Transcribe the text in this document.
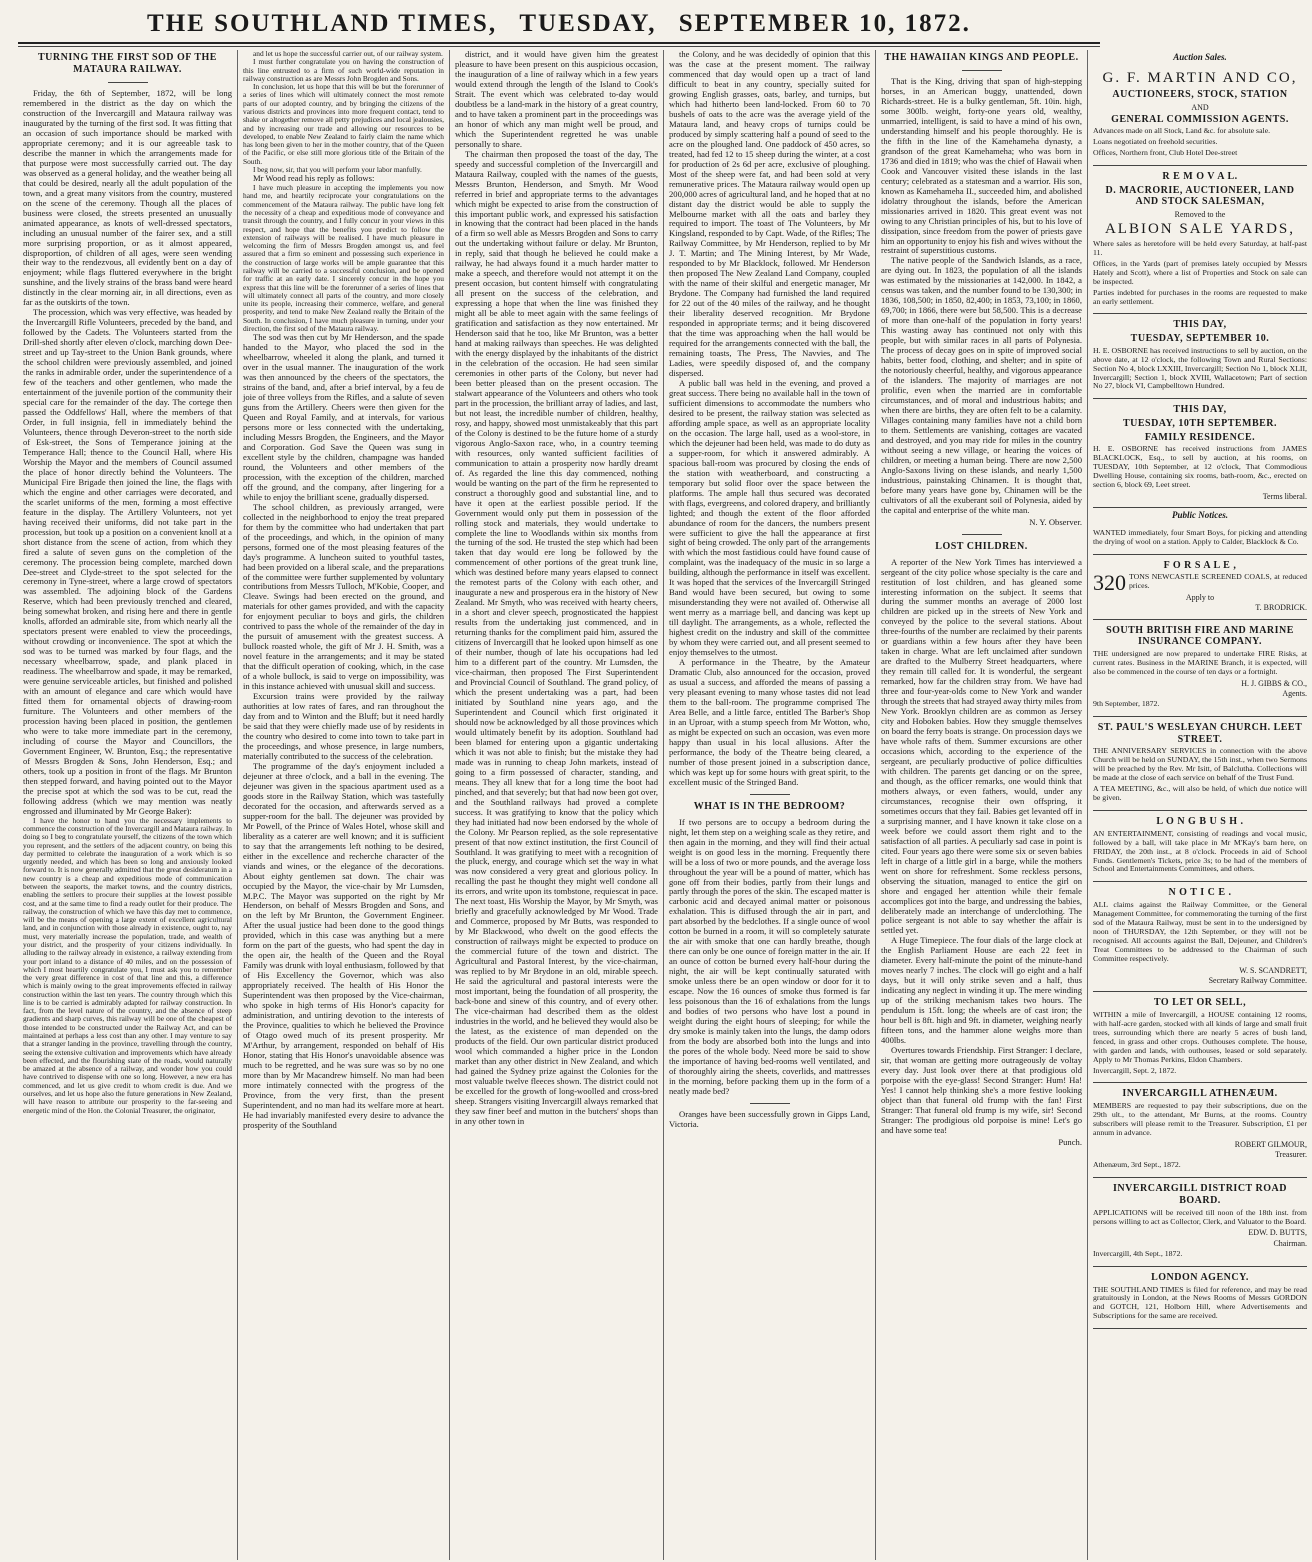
THE SOUTHLAND TIMES, TUESDAY, SEPTEMBER 10, 1872.
TURNING THE FIRST SOD OF THE MATAURA RAILWAY.

Friday, the 6th of September, 1872, will be long remembered in the district as the day on which the construction of the Invercargill and Mataura railway was inaugurated by the turning of the first sod. It was fitting that an occasion of such importance should be marked with appropriate ceremony; and it is our agreeable task to describe the manner in which the arrangements made for that purpose were most successfully carried out. The day was observed as a general holiday, and the weather being all that could be desired, nearly all the adult population of the town, and a great many visitors from the country, mustered on the scene of the ceremony. Though all the places of business were closed, the streets presented an unusually animated appearance, as knots of well-dressed spectators, including an unusual number of the fairer sex, and a still more surprising proportion, or as it almost appeared, disproportion, of children of all ages, were seen wending their way to the rendezvous, all evidently bent on a day of enjoyment; while flags fluttered everywhere in the bright sunshine, and the lively strains of the brass band were heard distinctly in the clear morning air, in all directions, even as far as the outskirts of the town.

The procession, which was very effective, was headed by the Invercargill Rifle Volunteers, preceded by the band, and followed by the Cadets. The Volunteers started from the Drill-shed shortly after eleven o'clock, marching down Dee-street and up Tay-street to the Union Bank grounds, where the school children were previously assembled, and joined the ranks in admirable order, under the superintendence of a few of the teachers and other gentlemen, who made the entertainment of the juvenile portion of the community their special care for the remainder of the day. The cortege then passed the Oddfellows' Hall, where the members of that Order, in full insignia, fell in immediately behind the Volunteers, thence through Deveron-street to the north side of Esk-street, the Sons of Temperance joining at the Temperance Hall; thence to the Council Hall, where His Worship the Mayor and the members of Council assumed the place of honor directly behind the Volunteers. The Municipal Fire Brigade then joined the line, the flags with which the engine and other carriages were decorated, and the scarlet uniforms of the men, forming a most effective feature in the display. The Artillery Volunteers, not yet having received their uniforms, did not take part in the procession, but took up a position on a convenient knoll at a short distance from the scene of action, from which they fired a salute of seven guns on the completion of the ceremony. The procession being complete, marched down Dee-street and Clyde-street to the spot selected for the ceremony in Tyne-street, where a large crowd of spectators was assembled. The adjoining block of the Gardens Reserve, which had been previously trenched and cleared, being somewhat broken, and rising here and there in gentle knolls, afforded an admirable site, from which nearly all the spectators present were enabled to view the proceedings, without crowding or inconvenience. The spot at which the sod was to be turned was marked by four flags, and the necessary wheelbarrow, spade, and plank placed in readiness. The wheelbarrow and spade, it may be remarked, were genuine serviceable articles, but finished and polished with an amount of elegance and care which would have fitted them for ornamental objects of drawing-room furniture. The Volunteers and other members of the procession having been placed in position, the gentlemen who were to take more immediate part in the ceremony, including of course the Mayor and Councillors, the Government Engineer, W. Brunton, Esq.; the representative of Messrs Brogden & Sons, John Henderson, Esq.; and others, took up a position in front of the flags. Mr Brunton then stepped forward, and having pointed out to the Mayor the precise spot at which the sod was to be cut, read the following address (which we may mention was neatly engrossed and illuminated by Mr George Baker):

I have the honor to hand you the necessary implements to commence the construction of the Invercargill and Mataura railway. In doing so I beg to congratulate yourself, the citizens of the town which you represent, and the settlers of the adjacent country, on being this day permitted to celebrate the inauguration of a work which is so urgently needed, and which has been so long and anxiously looked forward to. It is now generally admitted that the great desideratum in a new country is a cheap and expeditious mode of communication between the seaports, the market towns, and the country districts, enabling the settlers to procure their supplies at the lowest possible cost, and at the same time to find a ready outlet for their produce. The railway, the construction of which we have this day met to commence, will be the means of opening a large extent of excellent agricultural land, and in conjunction with those already in existence, ought to, nay must, very materially increase the population, trade, and wealth of your district, and the prosperity of your citizens individually. In alluding to the railway already in existence, a railway extending from your port inland to a distance of 40 miles, and on the possession of which I most heartily congratulate you, I must ask you to remember the very great difference in cost of that line and this, a difference which is mainly owing to the great improvements effected in railway construction within the last ten years. The country through which this line is to be carried is admirably adapted for railway construction. In fact, from the level nature of the country, and the absence of steep gradients and sharp curves, this railway will be one of the cheapest of those intended to be constructed under the Railway Act, and can be maintained at perhaps a less cost than any other. I may venture to say that a stranger landing in the province, travelling through the country, seeing the extensive cultivation and improvements which have already been effected, and the flourishing state of the roads, would naturally be amazed at the absence of a railway, and wonder how you could have contrived to dispense with one so long. However, a new era has commenced, and let us give credit to whom credit is due. And we ourselves, and let us hope also the future generations in New Zealand, will have reason to attribute our prosperity to the far-seeing and energetic mind of the Hon. the Colonial Treasurer, the originator,

and let us hope the successful carrier out, of our railway system.

I must further congratulate you on having the construction of this line entrusted to a firm of such world-wide reputation in railway construction as are Messrs John Brogden and Sons.

In conclusion, let us hope that this will be but the forerunner of a series of lines which will ultimately connect the most remote parts of our adopted country, and by bringing the citizens of the various districts and provinces into more frequent contact, tend to shake or altogether remove all petty prejudices and local jealousies, and by increasing our trade and allowing our resources to be developed, to enable New Zealand to fairly claim the name which has long been given to her in the mother country, that of the Queen of the Pacific, or else still more glorious title of the Britain of the South.

I beg now, sir, that you will perform your labor manfully.

Mr Wood read his reply as follows:

I have much pleasure in accepting the implements you now hand me, and heartily reciprocate your congratulations on the commencement of the Mataura railway. The public have long felt the necessity of a cheap and expeditious mode of conveyance and transit through the country, and I fully concur in your views in this respect, and hope that the benefits you predict to follow the extension of railways will be realised. I have much pleasure in welcoming the firm of Messrs Brogden amongst us, and feel assured that a firm so eminent and possessing such experience in the construction of large works will be ample guarantee that this railway will be carried to a successful conclusion, and be opened for traffic at an early date. I sincerely concur in the hope you express that this line will be the forerunner of a series of lines that will ultimately connect all parts of the country, and more closely unite its people, increasing their commerce, welfare, and general prosperity, and tend to make New Zealand really the Britain of the South. In conclusion, I have much pleasure in turning, under your direction, the first sod of the Mataura railway.

The sod was then cut by Mr Henderson, and the spade handed to the Mayor, who placed the sod in the wheelbarrow, wheeled it along the plank, and turned it over in the usual manner. The inauguration of the work was then announced by the cheers of the spectators, the strains of the band, and, after a brief interval, by a feu de joie of three volleys from the Rifles, and a salute of seven guns from the Artillery. Cheers were then given for the Queen and Royal Family, and at intervals, for various persons more or less connected with the undertaking, including Messrs Brogden, the Engineers, and the Mayor and Corporation. God Save the Queen was sung in excellent style by the children, champagne was handed round, the Volunteers and other members of the procession, with the exception of the children, marched off the ground, and the company, after lingering for a while to enjoy the brilliant scene, gradually dispersed.

The school children, as previously arranged, were collected in the neighborhood to enjoy the treat prepared for them by the committee who had undertaken that part of the proceedings, and which, in the opinion of many persons, formed one of the most pleasing features of the day's programme. A luncheon suited to youthful tastes, had been provided on a liberal scale, and the preparations of the committee were further supplemented by voluntary contributions from Messrs Tulloch, M'Kobie, Cooper, and Cleave. Swings had been erected on the ground, and materials for other games provided, and with the capacity for enjoyment peculiar to boys and girls, the children contrived to pass the whole of the remainder of the day in the pursuit of amusement with the greatest success. A bullock roasted whole, the gift of Mr J. H. Smith, was a novel feature in the arrangements; and it may be stated that the difficult operation of cooking, which, in the case of a whole bullock, is said to verge on impossibility, was in this instance achieved with unusual skill and success.

Excursion trains were provided by the railway authorities at low rates of fares, and ran throughout the day from and to Winton and the Bluff; but it need hardly be said that they were chiefly made use of by residents in the country who desired to come into town to take part in the proceedings, and whose presence, in large numbers, materially contributed to the success of the celebration.

The programme of the day's enjoyment included a dejeuner at three o'clock, and a ball in the evening. The dejeuner was given in the spacious apartment used as a goods store in the Railway Station, which was tastefully decorated for the occasion, and afterwards served as a supper-room for the ball. The dejeuner was provided by Mr Powell, of the Prince of Wales Hotel, whose skill and liberality as a caterer are well known; and it is sufficient to say that the arrangements left nothing to be desired, either in the excellence and recherche character of the viands and wines, or the elegance of the decorations. About eighty gentlemen sat down. The chair was occupied by the Mayor, the vice-chair by Mr Lumsden, M.P.C. The Mayor was supported on the right by Mr Henderson, on behalf of Messrs Brogden and Sons, and on the left by Mr Brunton, the Government Engineer. After the usual justice had been done to the good things provided, which in this case was anything but a mere form on the part of the guests, who had spent the day in the open air, the health of the Queen and the Royal Family was drunk with loyal enthusiasm, followed by that of His Excellency the Governor, which was also appropriately received. The health of His Honor the Superintendent was then proposed by the Vice-chairman, who spoke in high terms of His Honor's capacity for administration, and untiring devotion to the interests of the Province, qualities to which he believed the Province of Otago owed much of its present prosperity. Mr M'Arthur, by arrangement, responded on behalf of His Honor, stating that His Honor's unavoidable absence was much to be regretted, and he was sure was so by no one more than by Mr Macandrew himself. No man had been more intimately connected with the progress of the Province, from the very first, than the present Superintendent, and no man had its welfare more at heart. He had invariably manifested every desire to advance the prosperity of the Southland

district, and it would have given him the greatest pleasure to have been present on this auspicious occasion, the inauguration of a line of railway which in a few years would extend through the length of the Island to Cook's Strait. The event which was celebrated to-day would doubtless be a land-mark in the history of a great country, and to have taken a prominent part in the proceedings was an honor of which any man might well be proud, and which the Superintendent regretted he was unable personally to share.

The chairman then proposed the toast of the day, The speedy and successful completion of the Invercargill and Mataura Railway, coupled with the names of the guests, Messrs Brunton, Henderson, and Smyth. Mr Wood referred in brief and appropriate terms to the advantages which might be expected to arise from the construction of this important public work, and expressed his satisfaction in knowing that the contract had been placed in the hands of a firm so well able as Messrs Brogden and Sons to carry out the undertaking without failure or delay. Mr Brunton, in reply, said that though he believed he could make a railway, he had always found it a much harder matter to make a speech, and therefore would not attempt it on the present occasion, but content himself with congratulating all present on the success of the celebration, and expressing a hope that when the line was finished they might all be able to meet again with the same feelings of gratification and satisfaction as they now entertained. Mr Henderson said that he too, like Mr Brunton, was a better hand at making railways than speeches. He was delighted with the energy displayed by the inhabitants of the district in the celebration of the occasion. He had seen similar ceremonies in other parts of the Colony, but never had been better pleased than on the present occasion. The stalwart appearance of the Volunteers and others who took part in the procession, the brilliant array of ladies, and last, but not least, the incredible number of children, healthy, rosy, and happy, showed most unmistakeably that this part of the Colony is destined to be the future home of a sturdy vigorous Anglo-Saxon race, who, in a country teeming with resources, only wanted sufficient facilities of communication to attain a prosperity now hardly dreamt of. As regarded the line this day commenced, nothing would be wanting on the part of the firm he represented to construct a thoroughly good and substantial line, and to have it open at the earliest possible period. If the Government would only put them in possession of the rolling stock and materials, they would undertake to complete the line to Woodlands within six months from the turning of the sod. He trusted the step which had been taken that day would ere long be followed by the commencement of other portions of the great trunk line, which was destined before many years elapsed to connect the remotest parts of the Colony with each other, and inaugurate a new and prosperous era in the history of New Zealand. Mr Smyth, who was received with hearty cheers, in a short and clever speech, prognosticated the happiest results from the undertaking just commenced, and in returning thanks for the compliment paid him, assured the citizens of Invercargill that he looked upon himself as one of their number, though of late his occupations had led him to a different part of the country. Mr Lumsden, the vice-chairman, then proposed The First Superintendent and Provincial Council of Southland. The grand policy, of which the present undertaking was a part, had been initiated by Southland nine years ago, and the Superintendent and Council which first originated it should now be acknowledged by all those provinces which would ultimately benefit by its adoption. Southland had been blamed for entering upon a gigantic undertaking which it was not able to finish; but the mistake they had made was in running to cheap John markets, instead of going to a firm possessed of character, standing, and means. They all knew that for a long time the boot had pinched, and that severely; but that had now been got over, and the Southland railways had proved a complete success. It was gratifying to know that the policy which they had initiated had now been endorsed by the whole of the Colony. Mr Pearson replied, as the sole representative present of that now extinct institution, the first Council of Southland. It was gratifying to meet with a recognition of the pluck, energy, and courage which set the way in what was now considered a very great and glorious policy. In recalling the past he thought they might well condone all its errors, and write upon its tombstone, requiescat in pace. The next toast, His Worship the Mayor, by Mr Smyth, was briefly and gracefully acknowledged by Mr Wood. Trade and Commerce, proposed by Mr Butts, was responded to by Mr Blackwood, who dwelt on the good effects the construction of railways might be expected to produce on the commercial future of the town and district. The Agricultural and Pastoral Interest, by the vice-chairman, was replied to by Mr Brydone in an old, mirable speech. He said the agricultural and pastoral interests were the most important, being the foundation of all prosperity, the back-bone and sinew of this country, and of every other. The vice-chairman had described them as the oldest industries in the world, and he believed they would also be the latest, as the existence of man depended on the products of the field. Our own particular district produced wool which commanded a higher price in the London market than any other district in New Zealand, and which had gained the Sydney prize against the Colonies for the most valuable twelve fleeces shown. The district could not be excelled for the growth of long-woolled and cross-bred sheep. Strangers visiting Invercargill always remarked that they saw finer beef and mutton in the butchers' shops than in any other town in

the Colony, and he was decidedly of opinion that this was the case at the present moment. The railway commenced that day would open up a tract of land difficult to beat in any country, specially suited for growing English grasses, oats, barley, and turnips, but which had hitherto been land-locked. From 60 to 70 bushels of oats to the acre was the average yield of the Mataura land, and heavy crops of turnips could be produced by simply scattering half a pound of seed to the acre on the ploughed land. One paddock of 450 acres, so treated, had fed 12 to 15 sheep during the winter, at a cost for production of 2s 6d per acre, exclusive of ploughing. Most of the sheep were fat, and had been sold at very remunerative prices. The Mataura railway would open up 200,000 acres of agricultural land, and he hoped that at no distant day the district would be able to supply the Melbourne market with all the oats and barley they required to import. The toast of The Volunteers, by Mr Kingsland, responded to by Capt. Wade, of the Rifles; The Railway Committee, by Mr Henderson, replied to by Mr J. T. Martin; and The Mining Interest, by Mr Wade, responded to by Mr Blacklock, followed. Mr Henderson then proposed The New Zealand Land Company, coupled with the name of their skilful and energetic manager, Mr Brydone. The Company had furnished the land required for 22 out of the 40 miles of the railway, and he thought their liberality deserved recognition. Mr Brydone responded in appropriate terms; and it being discovered that the time was approaching when the hall would be required for the arrangements connected with the ball, the remaining toasts, The Press, The Navvies, and The Ladies, were speedily disposed of, and the company dispersed.

A public ball was held in the evening, and proved a great success. There being no available hall in the town of sufficient dimensions to accommodate the numbers who desired to be present, the railway station was selected as affording ample space, as well as an appropriate locality on the occasion. The large hall, used as a wool-store, in which the dejeuner had been held, was made to do duty as a supper-room, for which it answered admirably. A spacious ball-room was procured by closing the ends of the station with weatherboard, and constructing a temporary but solid floor over the space between the platforms. The ample hall thus secured was decorated with flags, evergreens, and colored drapery, and brilliantly lighted; and though the extent of the floor afforded abundance of room for the dancers, the numbers present were sufficient to give the hall the appearance at first sight of being crowded. The only part of the arrangements with which the most fastidious could have found cause of complaint, was the inadequacy of the music in so large a building, although the performance in itself was excellent. It was hoped that the services of the Invercargill Stringed Band would have been secured, but owing to some misunderstanding they were not availed of. Otherwise all went merry as a marriage bell, and dancing was kept up till daylight. The arrangements, as a whole, reflected the highest credit on the industry and skill of the committee by whom they were carried out, and all present seemed to enjoy themselves to the utmost.

A performance in the Theatre, by the Amateur Dramatic Club, also announced for the occasion, proved as usual a success, and afforded the means of passing a very pleasant evening to many whose tastes did not lead them to the ball-room. The programme comprised The Area Belle, and a little farce, entitled The Barber's Shop in an Uproar, with a stump speech from Mr Wotton, who, as might be expected on such an occasion, was even more happy than usual in his local allusions. After the performance, the body of the Theatre being cleared, a number of those present joined in a subscription dance, which was kept up for some hours with great spirit, to the excellent music of the Stringed Band.

WHAT IS IN THE BEDROOM?

If two persons are to occupy a bedroom during the night, let them step on a weighing scale as they retire, and then again in the morning, and they will find their actual weight is on good less in the morning. Frequently there will be a loss of two or more pounds, and the average loss throughout the year will be a pound of matter, which has gone off from their bodies, partly from their lungs and partly through the pores of the skin. The escaped matter is carbonic acid and decayed animal matter or poisonous exhalation. This is diffused through the air in part, and part absorbed by the bedclothes. If a single ounce of wool cotton be burned in a room, it will so completely saturate the air with smoke that one can hardly breathe, though there can only be one ounce of foreign matter in the air. If an ounce of cotton be burned every half-hour during the night, the air will be kept continually saturated with smoke unless there be an open window or door for it to escape. Now the 16 ounces of smoke thus formed is far less poisonous than the 16 of exhalations from the lungs and bodies of two persons who have lost a pound in weight during the eight hours of sleeping; for while the dry smoke is mainly taken into the lungs, the damp odors from the body are absorbed both into the lungs and into the pores of the whole body. Need more be said to show the importance of having bed-rooms well ventilated, and of thoroughly airing the sheets, coverlids, and mattresses in the morning, before packing them up in the form of a neatly made bed?

Oranges have been successfully grown in Gipps Land, Victoria.

THE HAWAIIAN KINGS AND PEOPLE.

That is the King, driving that span of high-stepping horses, in an American buggy, unattended, down Richards-street. He is a bulky gentleman, 5ft. 10in. high, some 300lb. weight, forty-one years old, wealthy, unmarried, intelligent, is said to have a mind of his own, understanding himself and his people thoroughly. He is the fifth in the line of the Kamehameha dynasty, a grandson of the great Kamehameha; who was born in 1736 and died in 1819; who was the chief of Hawaii when Cook and Vancouver visited these islands in the last century; celebrated as a statesman and a warrior. His son, known as Kamehameha II., succeeded him, and abolished idolatry throughout the islands, before the American missionaries arrived in 1820. This great event was not owing to any Christian principles of his, but to his love of dissipation, since freedom from the power of priests gave him an opportunity to enjoy his fish and wives without the restraint of superstitious customs.

The native people of the Sandwich Islands, as a race, are dying out. In 1823, the population of all the islands was estimated by the missionaries at 142,000. In 1842, a census was taken, and the number found to be 130,300; in 1836, 108,500; in 1850, 82,400; in 1853, 73,100; in 1860, 69,700; in 1866, there were but 58,500. This is a decrease of more than one-half of the population in forty years! This wasting away has continued not only with this people, but with similar races in all parts of Polynesia. The process of decay goes on in spite of improved social habits, better food, clothing, and shelter; and in spite of the notoriously cheerful, healthy, and vigorous appearance of the islanders. The majority of marriages are not prolific, even when the married are in comfortable circumstances, and of moral and industrious habits; and when there are births, they are often felt to be a calamity. Villages containing many families have not a child born to them. Settlements are vanishing, cottages are vacated and destroyed, and you may ride for miles in the country without seeing a new village, or hearing the voices of children, or meeting a human being. There are now 2,500 Anglo-Saxons living on these islands, and nearly 1,500 industrious, painstaking Chinamen. It is thought that, before many years have gone by, Chinamen will be the cultivators of all the exuberant soil of Polynesia, aided by the capital and enterprise of the white man.

N. Y. Observer.
LOST CHILDREN.

A reporter of the New York Times has interviewed a sergeant of the city police whose specialty is the care and restitution of lost children, and has gleaned some interesting information on the subject. It seems that during the summer months an average of 2000 lost children are picked up in the streets of New York and conveyed by the police to the several stations. About three-fourths of the number are reclaimed by their parents or guardians within a few hours after they have been taken in charge. What are left unclaimed after sundown are drafted to the Mulberry Street headquarters, where they remain till called for. It is wonderful, the sergeant remarked, how far the children stray from. We have had three and four-year-olds come to New York and wander through the streets that had strayed away thirty miles from New York. Brooklyn children are as common as Jersey city and Hoboken babies. How they smuggle themselves on board the ferry boats is strange. On procession days we have whole rafts of them. Summer excursions are other occasions which, according to the experience of the sergeant, are peculiarly productive of police difficulties with children. The parents get dancing or on the spree, and though, as the officer remarks, one would think that mothers always, or even fathers, would, under any circumstances, recognise their own offspring, it sometimes occurs that they fail. Babies get levanted off in a surprising manner, and I have known it take close on a week before we could assort them right and to the satisfaction of all parties. A peculiarly sad case in point is cited. Four years ago there were some six or seven babies left in charge of a little girl in a barge, while the mothers went on shore for refreshment. Some reckless persons, observing the situation, managed to entice the girl on shore and engaged her attention while their female accomplices got into the barge, and undressing the babies, deliberately made an interchange of underclothing. The police sergeant is not able to say whether the affair is settled yet.

A Huge Timepiece. The four dials of the large clock at the English Parliament House are each 22 feet in diameter. Every half-minute the point of the minute-hand moves nearly 7 inches. The clock will go eight and a half days, but it will only strike seven and a half, thus indicating any neglect in winding it up. The mere winding up of the striking mechanism takes two hours. The pendulum is 15ft. long; the wheels are of cast iron; the hour bell is 8ft. high and 9ft. in diameter, weighing nearly fifteen tons, and the hammer alone weighs more than 400lbs.

Overtures towards Friendship. First Stranger: I declare, sir, that woman are getting more outrageously de voltay every day. Just look over there at that prodigious old porpoise with the eye-glass! Second Stranger: Hum! Ha! Yes! I cannot help thinking she's a more festive looking object than that funeral old frump with the fan! First Stranger: That funeral old frump is my wife, sir! Second Stranger: The prodigious old porpoise is mine! Let's go and have some tea!

Punch.
Auction Sales.
G. F. MARTIN AND CO,
AUCTIONEERS, STOCK, STATION
AND
GENERAL COMMISSION AGENTS.
Advances made on all Stock, Land &c. for absolute sale.
Loans negotiated on freehold securities.
Offices, Northern front, Club Hotel Dee-street
R E M O V A L.
D. MACRORIE, AUCTIONEER, LAND AND STOCK SALESMAN,
Removed to the
ALBION SALE YARDS,
Where sales as heretofore will be held every Saturday, at half-past 11.
Offices, in the Yards (part of premises lately occupied by Messrs Hately and Scott), where a list of Properties and Stock on sale can be inspected.
Parties indebted for purchases in the rooms are requested to make an early settlement.
THIS DAY,
TUESDAY, SEPTEMBER 10.
H. E. OSBORNE has received instructions to sell by auction, on the above date, at 12 o'clock, the following Town and Rural Sections: Section No 4, block LXXIII, Invercargill; Section No 1, block XLII, Invercargill; Section 1, block XVIII, Wallacetown; Part of section No 27, block VI, Campbelltown Hundred.
THIS DAY,
TUESDAY, 10TH SEPTEMBER.
FAMILY RESIDENCE.
H. E. OSBORNE has received instructions from JAMES BLACKLOCK, Esq., to sell by auction, at his rooms, on TUESDAY, 10th September, at 12 o'clock, That Commodious Dwelling House, containing six rooms, bath-room, &c., erected on section 6, block 69, Leet street.
Terms liberal.
Public Notices.
WANTED immediately, four Smart Boys, for picking and attending the drying of wool on a station. Apply to Calder, Blacklock & Co.
F O R S A L E ,
320 TONS NEWCASTLE SCREENED COALS, at reduced prices.
Apply to
T. BRODRICK.
SOUTH BRITISH FIRE AND MARINE INSURANCE COMPANY.
THE undersigned are now prepared to undertake FIRE Risks, at current rates. Business in the MARINE Branch, it is expected, will also be commenced in the course of ten days or a fortnight.
H. J. GIBBS & CO.,
Agents.
9th September, 1872.
ST. PAUL'S WESLEYAN CHURCH. LEET STREET.
THE ANNIVERSARY SERVICES in connection with the above Church will be held on SUNDAY, the 15th inst., when two Sermons will be preached by the Rev. Mr Isitt, of Balclutha. Collections will be made at the close of each service on behalf of the Trust Fund.
A TEA MEETING, &c., will also be held, of which due notice will be given.
L O N G B U S H .
AN ENTERTAINMENT, consisting of readings and vocal music, followed by a ball, will take place in Mr M'Kay's barn here, on FRIDAY, the 20th inst., at 8 o'clock. Proceeds in aid of School Funds. Gentlemen's Tickets, price 3s; to be had of the members of School and Entertainments Committees, and others.
N O T I C E .
ALL claims against the Railway Committee, or the General Management Committee, for commemorating the turning of the first sod of the Mataura Railway, must be sent in to the undersigned by noon of THURSDAY, the 12th September, or they will not be recognised. All accounts against the Ball, Dejeuner, and Children's Treat Committees to be addressed to the Chairman of such Committee respectively.
W. S. SCANDRETT,
Secretary Railway Committee.
TO LET OR SELL,
WITHIN a mile of Invercargill, a HOUSE containing 12 rooms, with half-acre garden, stocked with all kinds of large and small fruit trees, surrounding which there are nearly 5 acres of bush land, fenced, in grass and other crops. Outhouses complete. The house, with garden and lands, with outhouses, leased or sold separately. Apply to Mr Thomas Perkins, Eldon Chambers.
Invercargill, Sept. 2, 1872.
INVERCARGILL ATHENÆUM.
MEMBERS are requested to pay their subscriptions, due on the 29th ult., to the attendant, Mr Burns, at the rooms. Country subscribers will please remit to the Treasurer. Subscription, £1 per annum in advance.
ROBERT GILMOUR,
Treasurer.
Athenæum, 3rd Sept., 1872.
INVERCARGILL DISTRICT ROAD BOARD.
APPLICATIONS will be received till noon of the 18th inst. from persons willing to act as Collector, Clerk, and Valuator to the Board.
EDW. D. BUTTS,
Chairman.
Invercargill, 4th Sept., 1872.
LONDON AGENCY.
THE SOUTHLAND TIMES is filed for reference, and may be read gratuitously in London, at the News Rooms of Messrs GORDON and GOTCH, 121, Holborn Hill, where Advertisements and Subscriptions for the same are received.
